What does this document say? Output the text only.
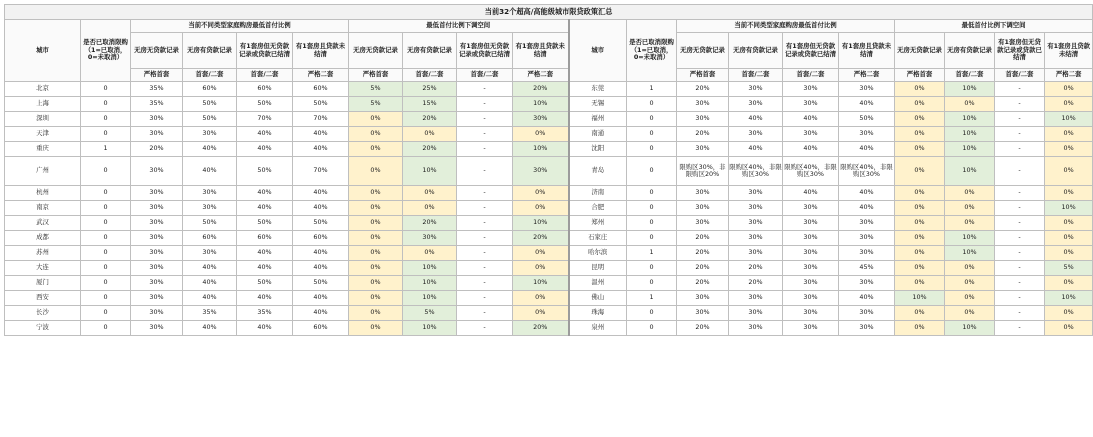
当前32个超高/高能级城市限贷政策汇总																			
城市	是否已取消限购（1=已取消，0=未取消）	当前不同类型家庭购房最低首付比例				最低首付比例下调空间				城市	是否已取消限购（1=已取消，0=未取消）	当前不同类型家庭购房最低首付比例				最低首付比例下调空间			
		无房无贷款记录	无房有贷款记录	有1套房但无贷款记录或贷款已结清	有1套房且贷款未结清	无房无贷款记录	无房有贷款记录	有1套房但无贷款记录或贷款已结清	有1套房且贷款未结清			无房无贷款记录	无房有贷款记录	有1套房但无贷款记录或贷款已结清	有1套房且贷款未结清	无房无贷款记录	无房有贷款记录	有1套房但无贷款记录或贷款已结清	有1套房且贷款未结清
		严格首套	首套/二套	首套/二套	严格二套	严格首套	首套/二套	首套/二套	严格二套			严格首套	首套/二套	首套/二套	严格二套	严格首套	首套/二套	首套/二套	严格二套
北京	0	35%	60%	60%	60%	5%	25%	-	20%	东莞	1	20%	30%	30%	30%	0%	10%	-	0%
上海	0	35%	50%	50%	50%	5%	15%	-	10%	无锡	0	30%	30%	30%	40%	0%	0%	-	0%
深圳	0	30%	50%	70%	70%	0%	20%	-	30%	福州	0	30%	40%	40%	50%	0%	10%	-	10%
天津	0	30%	30%	40%	40%	0%	0%	-	0%	南通	0	20%	30%	30%	30%	0%	10%	-	0%
重庆	1	20%	40%	40%	40%	0%	20%	-	10%	沈阳	0	30%	40%	40%	40%	0%	10%	-	0%
广州	0	30%	40%	50%	70%	0%	10%	-	30%	青岛	0	限购区30%，非限购区20%	限购区40%，非限购区30%	限购区40%，非限购区30%	限购区40%，非限购区30%	0%	10%	-	0%
杭州	0	30%	30%	40%	40%	0%	0%	-	0%	济南	0	30%	30%	40%	40%	0%	0%	-	0%
南京	0	30%	30%	40%	40%	0%	0%	-	0%	合肥	0	30%	30%	30%	40%	0%	0%	-	10%
武汉	0	30%	50%	50%	50%	0%	20%	-	10%	郑州	0	30%	30%	30%	30%	0%	0%	-	0%
成都	0	30%	60%	60%	60%	0%	30%	-	20%	石家庄	0	20%	30%	30%	30%	0%	10%	-	0%
苏州	0	30%	30%	40%	40%	0%	0%	-	0%	哈尔滨	1	20%	30%	30%	30%	0%	10%	-	0%
大连	0	30%	40%	40%	40%	0%	10%	-	0%	昆明	0	20%	20%	30%	45%	0%	0%	-	5%
厦门	0	30%	40%	50%	50%	0%	10%	-	10%	温州	0	20%	20%	30%	30%	0%	0%	-	0%
西安	0	30%	40%	40%	40%	0%	10%	-	0%	佛山	1	30%	30%	30%	40%	10%	0%	-	10%
长沙	0	30%	35%	35%	40%	0%	5%	-	0%	珠海	0	30%	30%	30%	30%	0%	0%	-	0%
宁波	0	30%	40%	40%	60%	0%	10%	-	20%	泉州	0	20%	30%	30%	30%	0%	10%	-	0%
